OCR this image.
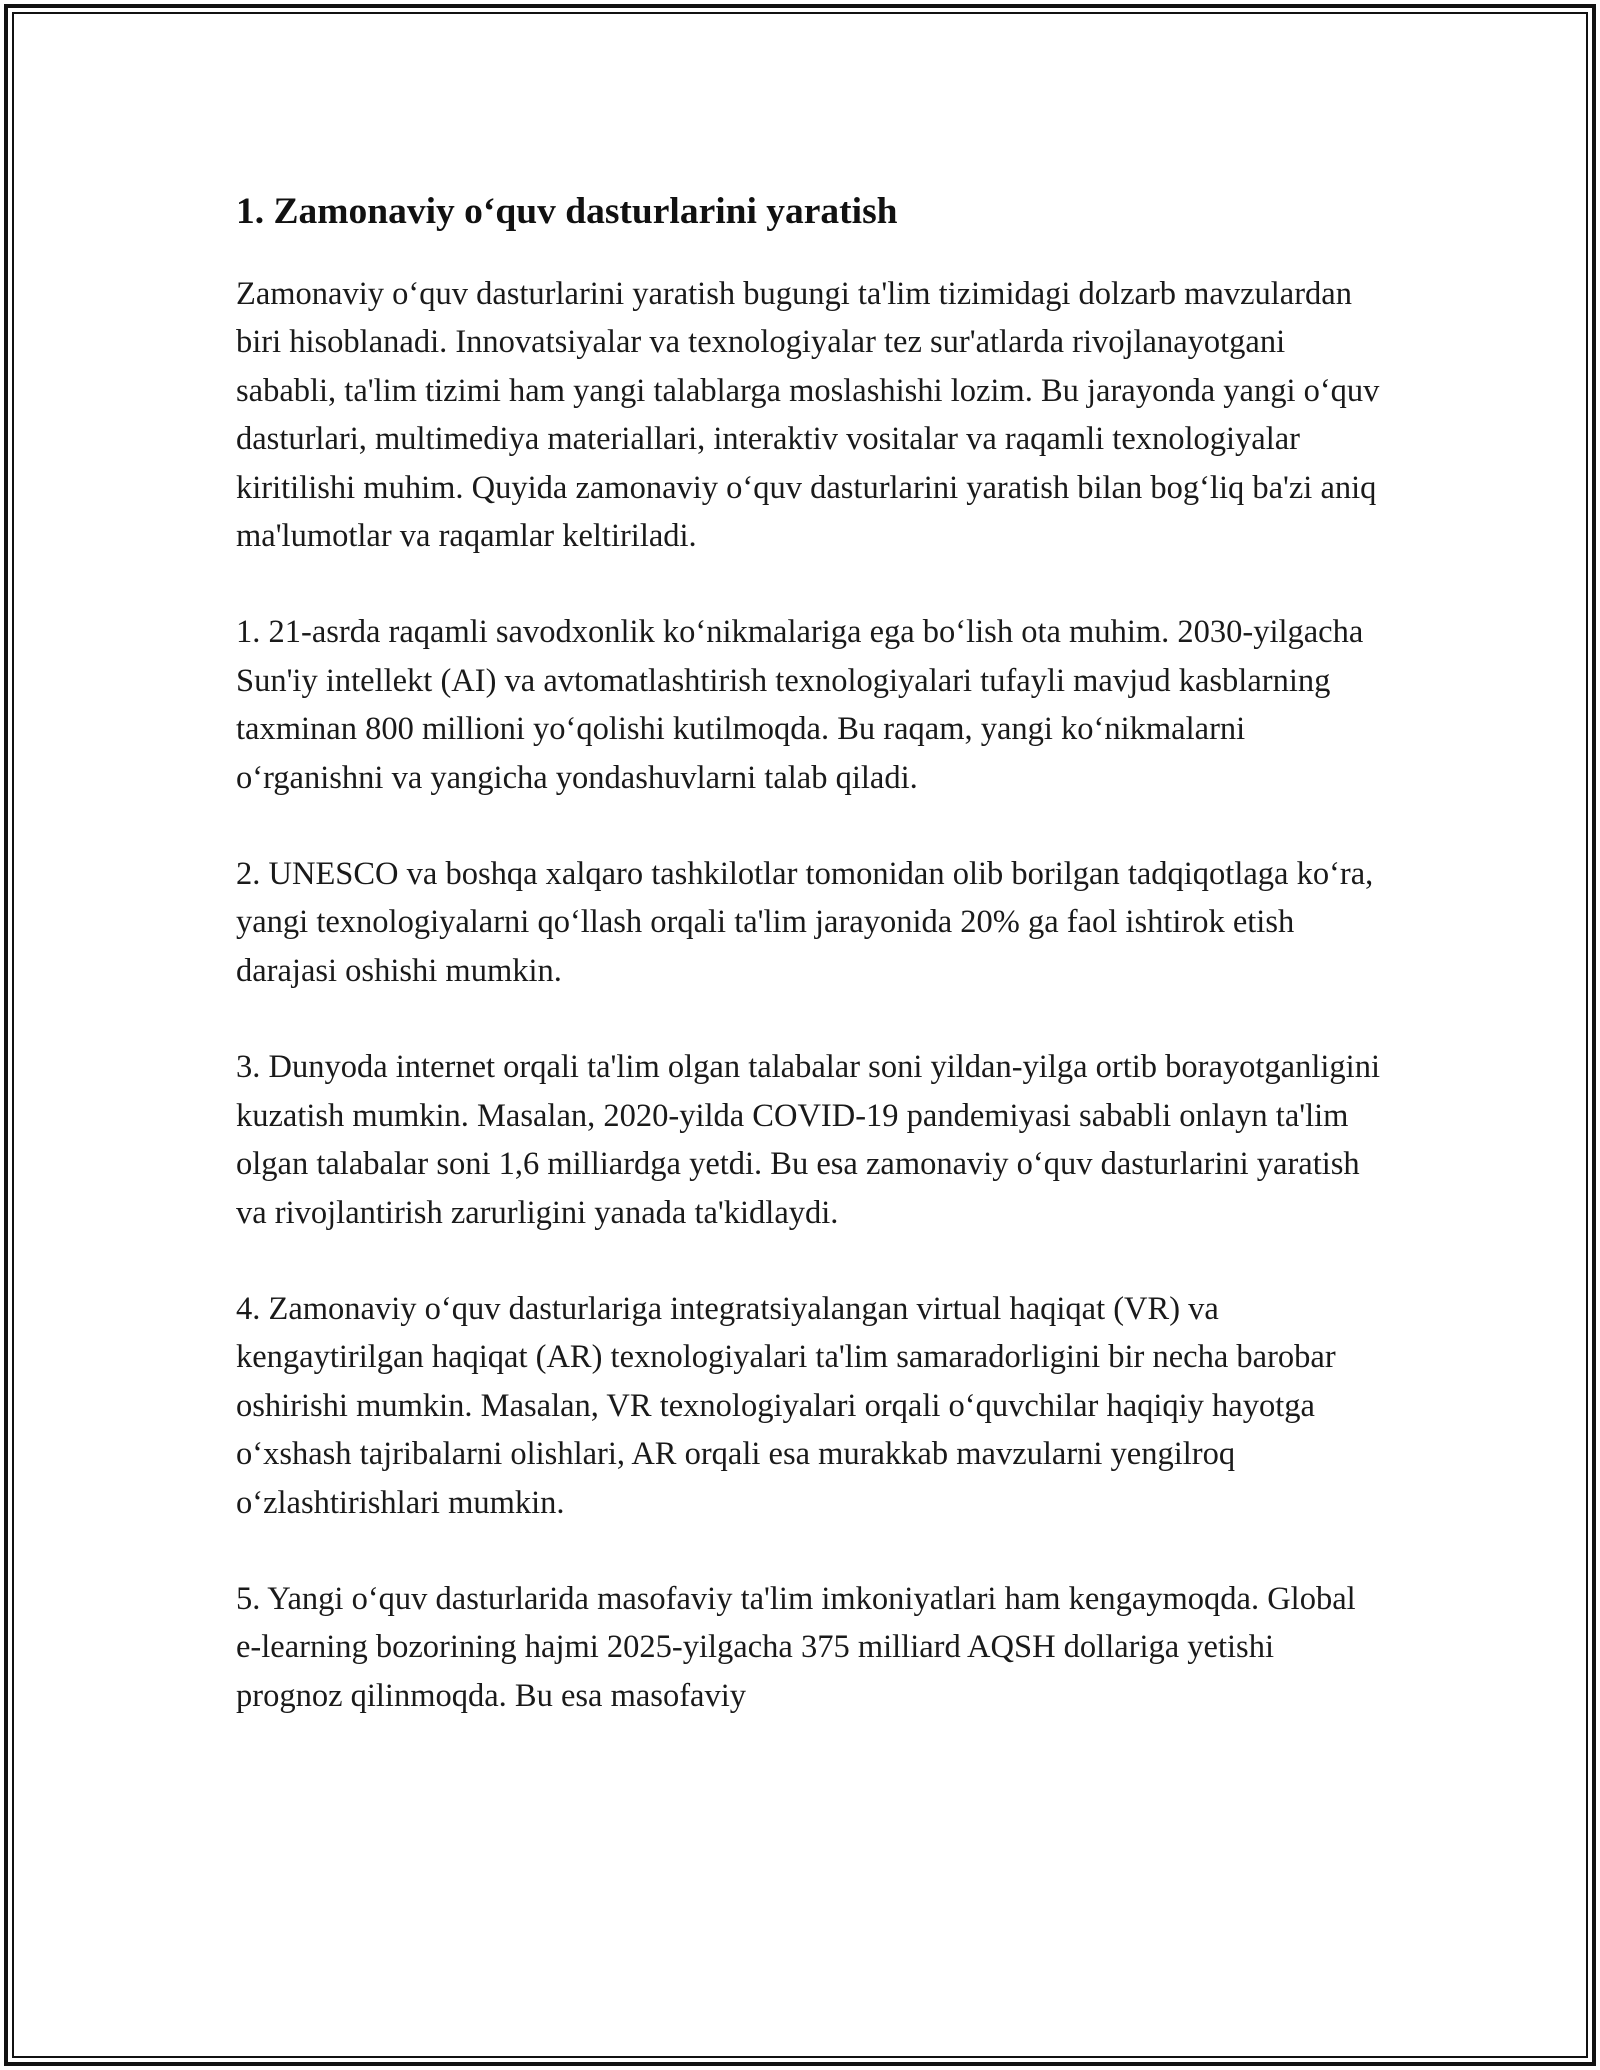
1. Zamonaviy o‘quv dasturlarini yaratish

Zamonaviy o‘quv dasturlarini yaratish bugungi ta'lim tizimidagi dolzarb mavzulardan biri hisoblanadi. Innovatsiyalar va texnologiyalar tez sur'atlarda rivojlanayotgani sababli, ta'lim tizimi ham yangi talablarga moslashishi lozim. Bu jarayonda yangi o‘quv dasturlari, multimediya materiallari, interaktiv vositalar va raqamli texnologiyalar kiritilishi muhim. Quyida zamonaviy o‘quv dasturlarini yaratish bilan bog‘liq ba'zi aniq ma'lumotlar va raqamlar keltiriladi.

1. 21-asrda raqamli savodxonlik ko‘nikmalariga ega bo‘lish ota muhim. 2030-yilgacha Sun'iy intellekt (AI) va avtomatlashtirish texnologiyalari tufayli mavjud kasblarning taxminan 800 millioni yo‘qolishi kutilmoqda. Bu raqam, yangi ko‘nikmalarni o‘rganishni va yangicha yondashuvlarni talab qiladi.

2. UNESCO va boshqa xalqaro tashkilotlar tomonidan olib borilgan tadqiqotlaga ko‘ra, yangi texnologiyalarni qo‘llash orqali ta'lim jarayonida 20% ga faol ishtirok etish darajasi oshishi mumkin.

3. Dunyoda internet orqali ta'lim olgan talabalar soni yildan-yilga ortib borayotganligini kuzatish mumkin. Masalan, 2020-yilda COVID-19 pandemiyasi sababli onlayn ta'lim olgan talabalar soni 1,6 milliardga yetdi. Bu esa zamonaviy o‘quv dasturlarini yaratish va rivojlantirish zarurligini yanada ta'kidlaydi.

4. Zamonaviy o‘quv dasturlariga integratsiyalangan virtual haqiqat (VR) va kengaytirilgan haqiqat (AR) texnologiyalari ta'lim samaradorligini bir necha barobar oshirishi mumkin. Masalan, VR texnologiyalari orqali o‘quvchilar haqiqiy hayotga o‘xshash tajribalarni olishlari, AR orqali esa murakkab mavzularni yengilroq o‘zlashtirishlari mumkin.

5. Yangi o‘quv dasturlarida masofaviy ta'lim imkoniyatlari ham kengaymoqda. Global e-learning bozorining hajmi 2025-yilgacha 375 milliard AQSH dollariga yetishi prognoz qilinmoqda. Bu esa masofaviy
